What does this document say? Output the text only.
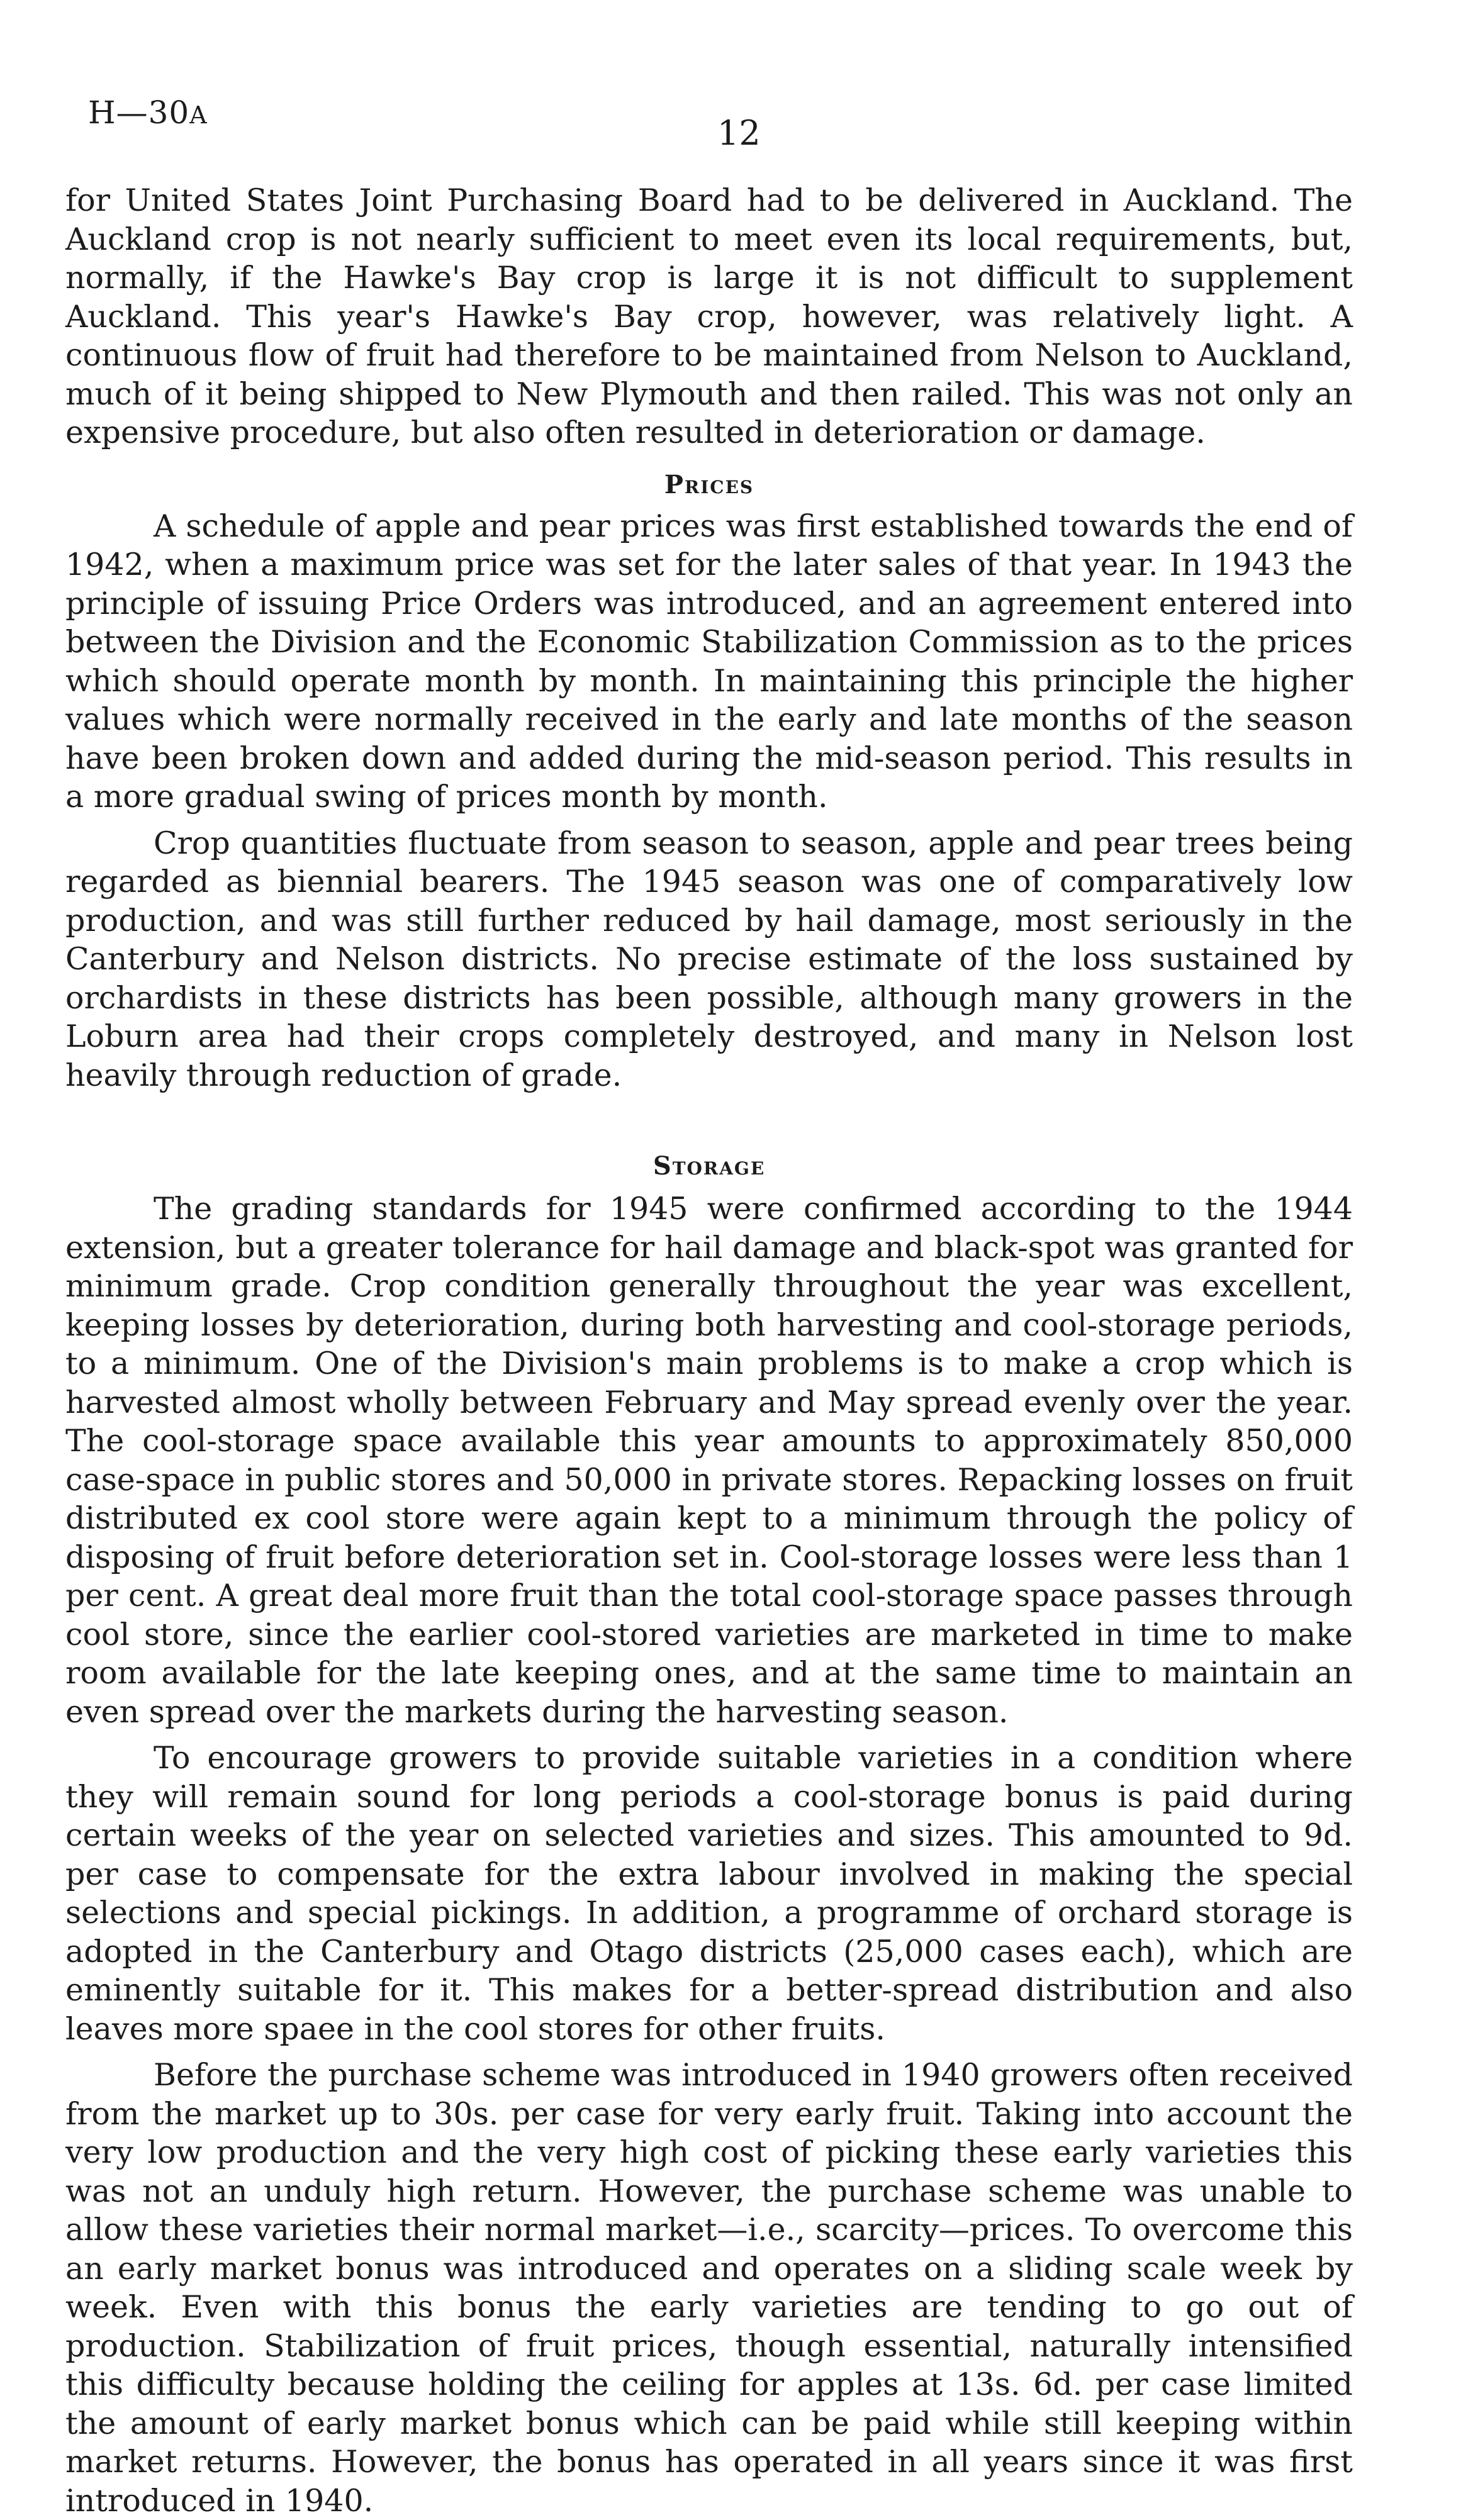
H—30A	12

for United States Joint Purchasing Board had to be delivered in Auckland. The Auckland crop is not nearly sufficient to meet even its local requirements, but, normally, if the Hawke's Bay crop is large it is not difficult to supplement Auckland. This year's Hawke's Bay crop, however, was relatively light. A continuous flow of fruit had therefore to be maintained from Nelson to Auckland, much of it being shipped to New Plymouth and then railed. This was not only an expensive procedure, but also often resulted in deterioration or damage.

Prices

A schedule of apple and pear prices was first established towards the end of 1942, when a maximum price was set for the later sales of that year. In 1943 the principle of issuing Price Orders was introduced, and an agreement entered into between the Division and the Economic Stabilization Commission as to the prices which should operate month by month. In maintaining this principle the higher values which were normally received in the early and late months of the season have been broken down and added during the mid-season period. This results in a more gradual swing of prices month by month.

Crop quantities fluctuate from season to season, apple and pear trees being regarded as biennial bearers. The 1945 season was one of comparatively low production, and was still further reduced by hail damage, most seriously in the Canterbury and Nelson districts. No precise estimate of the loss sustained by orchardists in these districts has been possible, although many growers in the Loburn area had their crops completely destroyed, and many in Nelson lost heavily through reduction of grade.

Storage

The grading standards for 1945 were confirmed according to the 1944 extension, but a greater tolerance for hail damage and black-spot was granted for minimum grade. Crop condition generally throughout the year was excellent, keeping losses by deterioration, during both harvesting and cool-storage periods, to a minimum. One of the Division's main problems is to make a crop which is harvested almost wholly between February and May spread evenly over the year. The cool-storage space available this year amounts to approximately 850,000 case-space in public stores and 50,000 in private stores. Repacking losses on fruit distributed ex cool store were again kept to a minimum through the policy of disposing of fruit before deterioration set in. Cool-storage losses were less than 1 per cent. A great deal more fruit than the total cool-storage space passes through cool store, since the earlier cool-stored varieties are marketed in time to make room available for the late keeping ones, and at the same time to maintain an even spread over the markets during the harvesting season.

To encourage growers to provide suitable varieties in a condition where they will remain sound for long periods a cool-storage bonus is paid during certain weeks of the year on selected varieties and sizes. This amounted to 9d. per case to compensate for the extra labour involved in making the special selections and special pickings. In addition, a programme of orchard storage is adopted in the Canterbury and Otago districts (25,000 cases each), which are eminently suitable for it. This makes for a better-spread distribution and also leaves more spaee in the cool stores for other fruits.

Before the purchase scheme was introduced in 1940 growers often received from the market up to 30s. per case for very early fruit. Taking into account the very low production and the very high cost of picking these early varieties this was not an unduly high return. However, the purchase scheme was unable to allow these varieties their normal market—i.e., scarcity—prices. To overcome this an early market bonus was introduced and operates on a sliding scale week by week. Even with this bonus the early varieties are tending to go out of production. Stabilization of fruit prices, though essential, naturally intensified this difficulty because holding the ceiling for apples at 13s. 6d. per case limited the amount of early market bonus which can be paid while still keeping within market returns. However, the bonus has operated in all years since it was first introduced in 1940.
